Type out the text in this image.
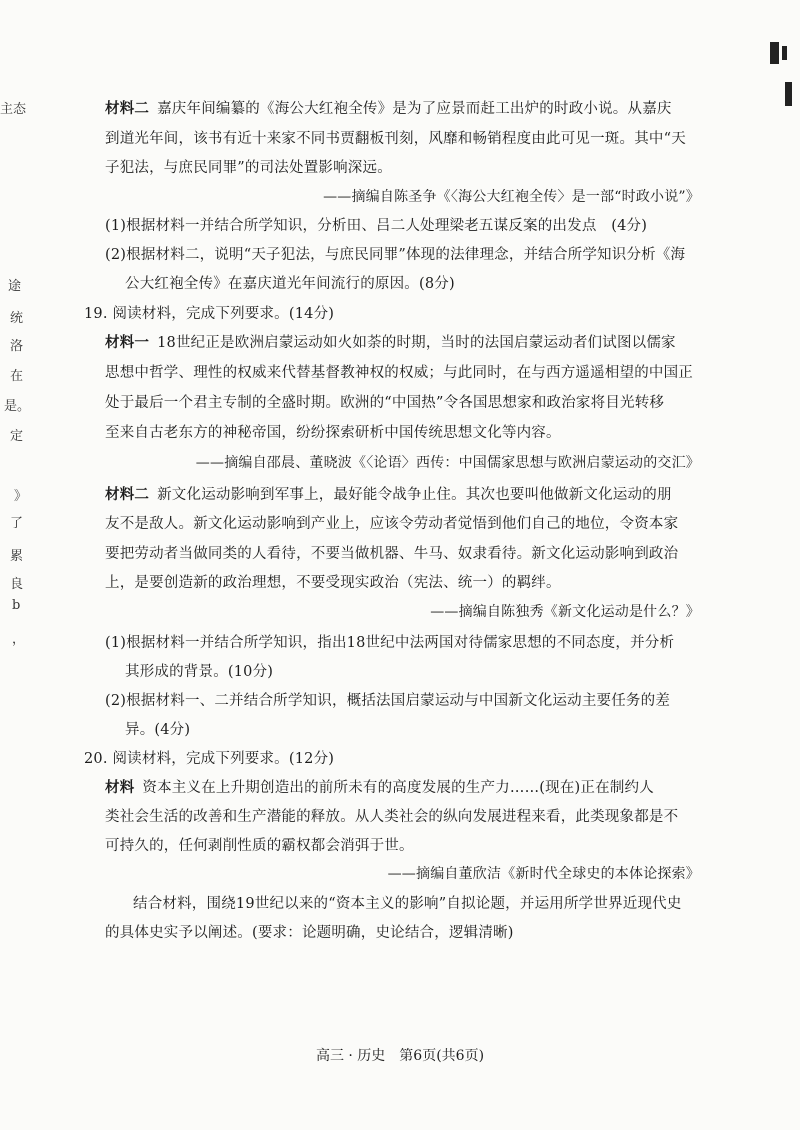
主态
途
统
洛
在
是。
定
》
了
累
良
b
，
材料二 嘉庆年间编纂的《海公大红袍全传》是为了应景而赶工出炉的时政小说。从嘉庆
到道光年间，该书有近十来家不同书贾翻板刊刻，风靡和畅销程度由此可见一斑。其中“天
子犯法，与庶民同罪”的司法处置影响深远。
——摘编自陈圣争《〈海公大红袍全传〉是一部“时政小说”》
(1)根据材料一并结合所学知识，分析田、吕二人处理梁老五谋反案的出发点　(4分)
(2)根据材料二，说明“天子犯法，与庶民同罪”体现的法律理念，并结合所学知识分析《海
公大红袍全传》在嘉庆道光年间流行的原因。(8分)
19. 阅读材料，完成下列要求。(14分)
材料一 18世纪正是欧洲启蒙运动如火如荼的时期，当时的法国启蒙运动者们试图以儒家
思想中哲学、理性的权威来代替基督教神权的权威；与此同时，在与西方遥遥相望的中国正
处于最后一个君主专制的全盛时期。欧洲的“中国热”令各国思想家和政治家将目光转移
至来自古老东方的神秘帝国，纷纷探索研析中国传统思想文化等内容。
——摘编自邵晨、董晓波《〈论语〉西传：中国儒家思想与欧洲启蒙运动的交汇》
材料二 新文化运动影响到军事上，最好能令战争止住。其次也要叫他做新文化运动的朋
友不是敌人。新文化运动影响到产业上，应该令劳动者觉悟到他们自己的地位，令资本家
要把劳动者当做同类的人看待，不要当做机器、牛马、奴隶看待。新文化运动影响到政治
上，是要创造新的政治理想，不要受现实政治（宪法、统一）的羁绊。
——摘编自陈独秀《新文化运动是什么？》
(1)根据材料一并结合所学知识，指出18世纪中法两国对待儒家思想的不同态度，并分析
其形成的背景。(10分)
(2)根据材料一、二并结合所学知识，概括法国启蒙运动与中国新文化运动主要任务的差
异。(4分)
20. 阅读材料，完成下列要求。(12分)
材料 资本主义在上升期创造出的前所未有的高度发展的生产力……(现在)正在制约人
类社会生活的改善和生产潜能的释放。从人类社会的纵向发展进程来看，此类现象都是不
可持久的，任何剥削性质的霸权都会消弭于世。
——摘编自董欣洁《新时代全球史的本体论探索》
结合材料，围绕19世纪以来的“资本主义的影响”自拟论题，并运用所学世界近现代史
的具体史实予以阐述。(要求：论题明确，史论结合，逻辑清晰)
高三 · 历史　第6页(共6页)
